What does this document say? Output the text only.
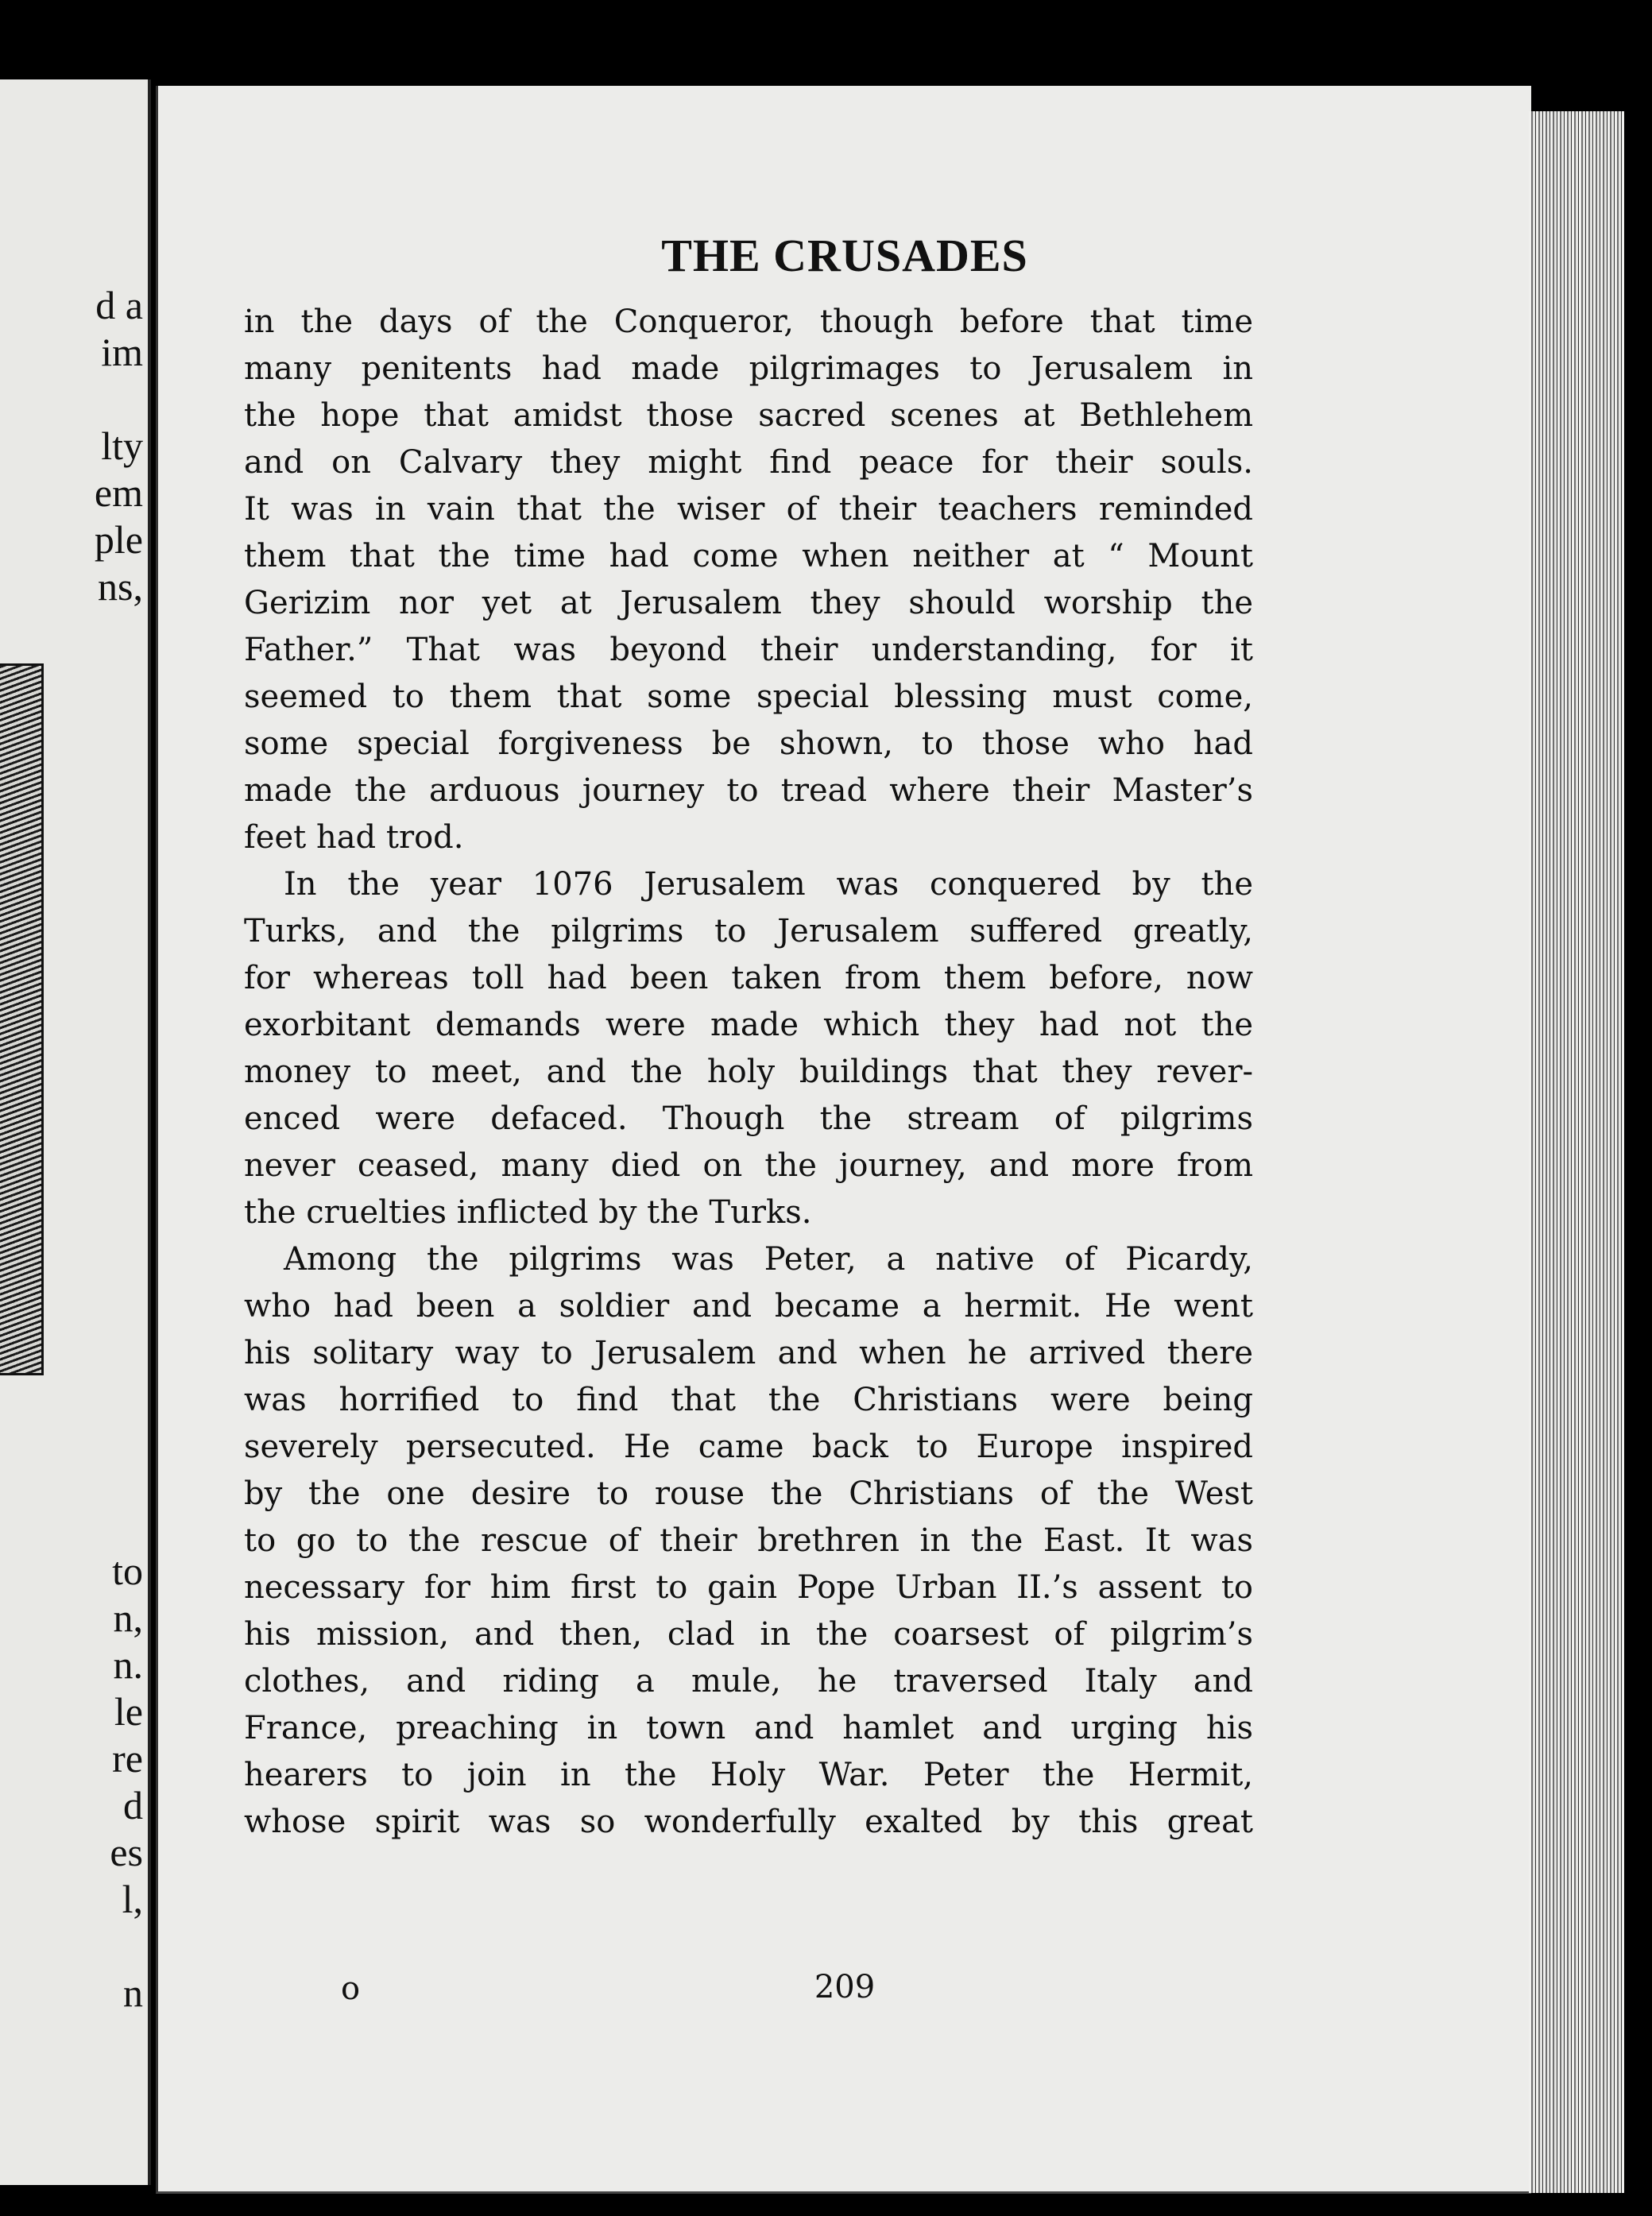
d a
im
lty
em
ple
ns,
to
n,
n.
le
re
d
es
l,
n
THE CRUSADES
in the days of the Conqueror, though before that time
many penitents had made pilgrimages to Jerusalem in
the hope that amidst those sacred scenes at Bethlehem
and on Calvary they might find peace for their souls.
It was in vain that the wiser of their teachers reminded
them that the time had come when neither at “ Mount
Gerizim nor yet at Jerusalem they should worship the
Father.” That was beyond their understanding, for it
seemed to them that some special blessing must come,
some special forgiveness be shown, to those who had
made the arduous journey to tread where their Master’s
feet had trod.
In the year 1076 Jerusalem was conquered by the
Turks, and the pilgrims to Jerusalem suffered greatly,
for whereas toll had been taken from them before, now
exorbitant demands were made which they had not the
money to meet, and the holy buildings that they rever-
enced were defaced. Though the stream of pilgrims
never ceased, many died on the journey, and more from
the cruelties inflicted by the Turks.
Among the pilgrims was Peter, a native of Picardy,
who had been a soldier and became a hermit. He went
his solitary way to Jerusalem and when he arrived there
was horrified to find that the Christians were being
severely persecuted. He came back to Europe inspired
by the one desire to rouse the Christians of the West
to go to the rescue of their brethren in the East. It was
necessary for him first to gain Pope Urban II.’s assent to
his mission, and then, clad in the coarsest of pilgrim’s
clothes, and riding a mule, he traversed Italy and
France, preaching in town and hamlet and urging his
hearers to join in the Holy War. Peter the Hermit,
whose spirit was so wonderfully exalted by this great
o	209
